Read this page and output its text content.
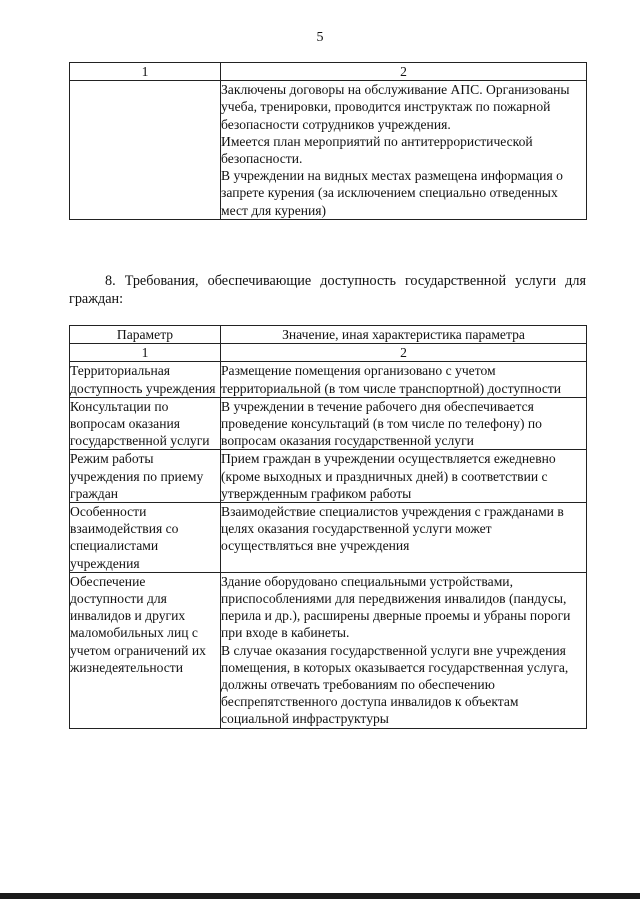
5
1	2

	Заключены договоры на обслуживание АПС. Организованы учеба, тренировки, проводится инструктаж по пожарной безопасности сотрудников учреждения.

Имеется план мероприятий по антитеррористической безопасности.

В учреждении на видных местах размещена информация о запрете курения (за исключением специально отведенных мест для курения)

8. Требования, обеспечивающие доступность государственной услуги для граждан:
Параметр	Значение, иная характеристика параметра
1	2
Территориальная доступность учреждения	Размещение помещения организовано с учетом территориальной (в том числе транспортной) доступности
Консультации по вопросам оказания государственной услуги	В учреждении в течение рабочего дня обеспечивается проведение консультаций (в том числе по телефону) по вопросам оказания государственной услуги
Режим работы учреждения по приему граждан	Прием граждан в учреждении осуществляется ежедневно (кроме выходных и праздничных дней) в соответствии с утвержденным графиком работы
Особенности взаимодействия со специалистами учреждения	Взаимодействие специалистов учреждения с гражданами в целях оказания государственной услуги может осуществляться вне учреждения
Обеспечение доступности для инвалидов и других маломобильных лиц с учетом ограничений их жизнедеятельности	Здание оборудовано специальными устройствами, приспособлениями для передвижения инвалидов (пандусы, перила и др.), расширены дверные проемы и убраны пороги при входе в кабинеты.

В случае оказания государственной услуги вне учреждения помещения, в которых оказывается государственная услуга, должны отвечать требованиям по обеспечению беспрепятственного доступа инвалидов к объектам социальной инфраструктуры
